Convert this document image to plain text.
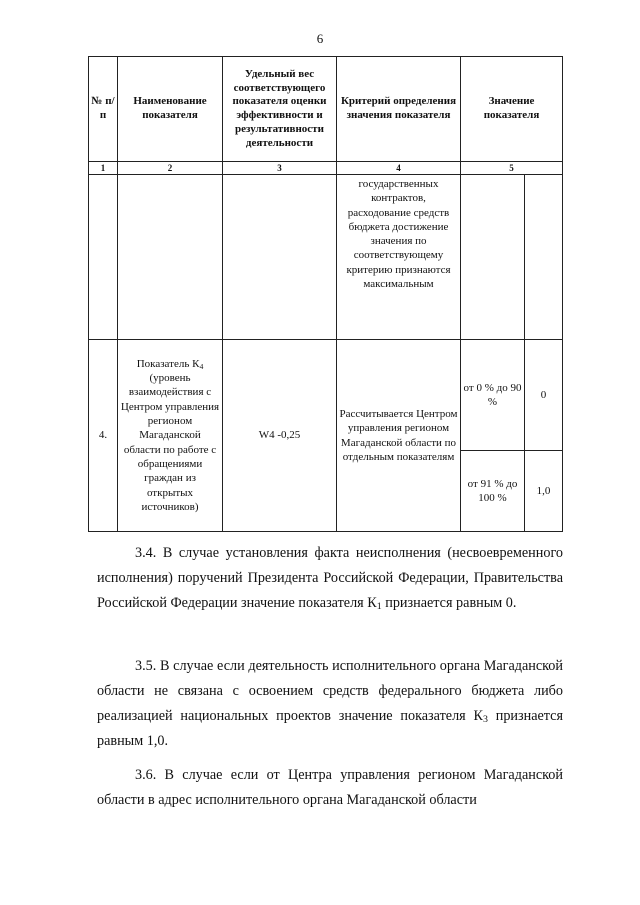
6
№ п/п	Наименование показателя	Удельный вес соответствующего показателя оценки эффективности и результативности деятельности	Критерий определения значения показателя	Значение показателя	
1	2	3	4	5	
			государственных контрактов, расходование средств бюджета достижение значения по соответствующему критерию признаются максимальным		
4.	Показатель $К_4$ (уровень взаимодействия с Центром управления регионом Магаданской области по работе с обращениями граждан из открытых источников)	W4 -0,25	Рассчитывается Центром управления регионом Магаданской области по отдельным показателям	от 0 % до 90 %	0
				от 91 % до 100 %	1,0

3.4. В случае установления факта неисполнения (несвоевременного исполнения) поручений Президента Российской Федерации, Правительства Российской Федерации значение показателя $К_1$ признается равным 0.

3.5. В случае если деятельность исполнительного органа Магаданской области не связана с освоением средств федерального бюджета либо реализацией национальных проектов значение показателя $К_3$ признается равным 1,0.

3.6. В случае если от Центра управления регионом Магаданской области в адрес исполнительного органа Магаданской области
